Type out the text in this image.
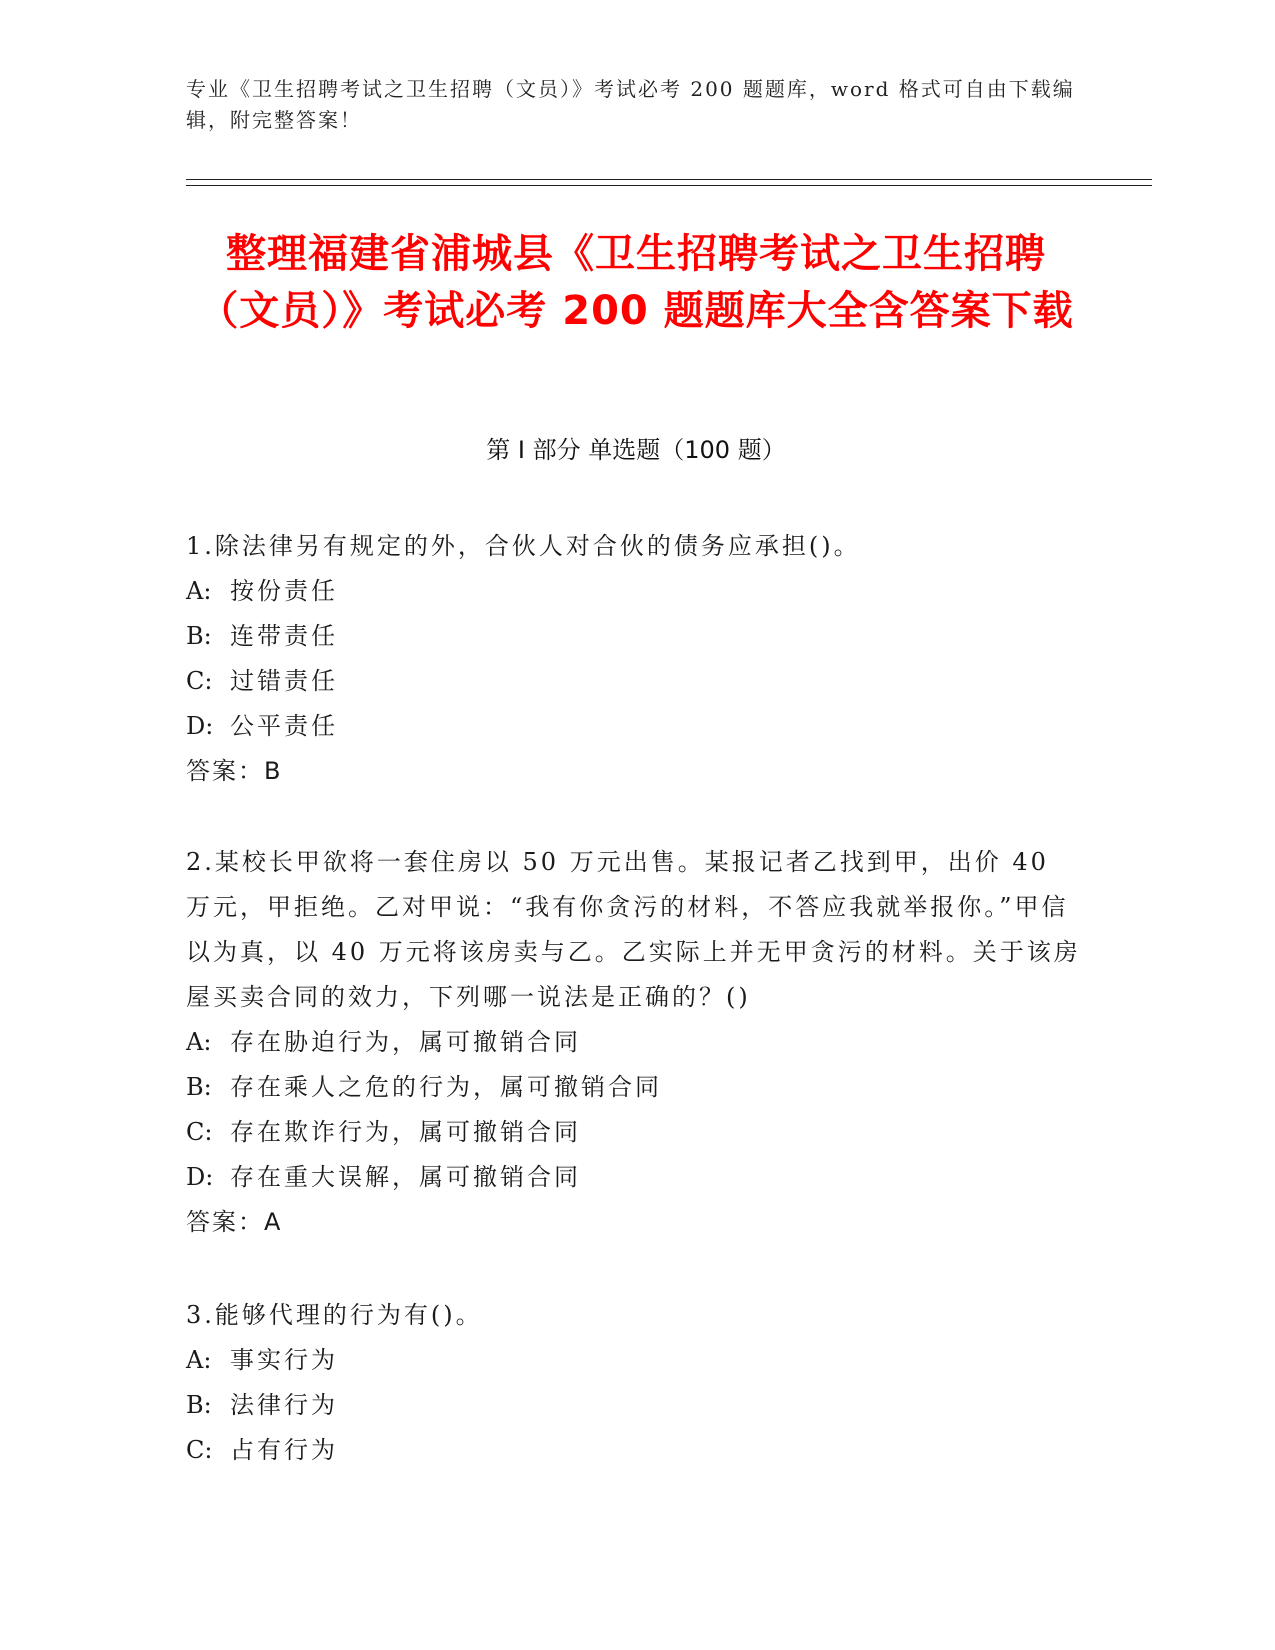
专业《卫生招聘考试之卫生招聘（文员）》考试必考 200 题题库，word 格式可自由下载编辑，附完整答案！
整理福建省浦城县《卫生招聘考试之卫生招聘（文员）》考试必考 200 题题库大全含答案下载
第 I 部分 单选题（100 题）

1.除法律另有规定的外，合伙人对合伙的债务应承担()。

A: 按份责任

B: 连带责任

C: 过错责任

D: 公平责任

答案：B

2.某校长甲欲将一套住房以 50 万元出售。某报记者乙找到甲，出价 40 万元，甲拒绝。乙对甲说：“我有你贪污的材料，不答应我就举报你。”甲信以为真，以 40 万元将该房卖与乙。乙实际上并无甲贪污的材料。关于该房屋买卖合同的效力，下列哪一说法是正确的？()

A: 存在胁迫行为，属可撤销合同

B: 存在乘人之危的行为，属可撤销合同

C: 存在欺诈行为，属可撤销合同

D: 存在重大误解，属可撤销合同

答案：A

3.能够代理的行为有()。

A: 事实行为

B: 法律行为

C: 占有行为
